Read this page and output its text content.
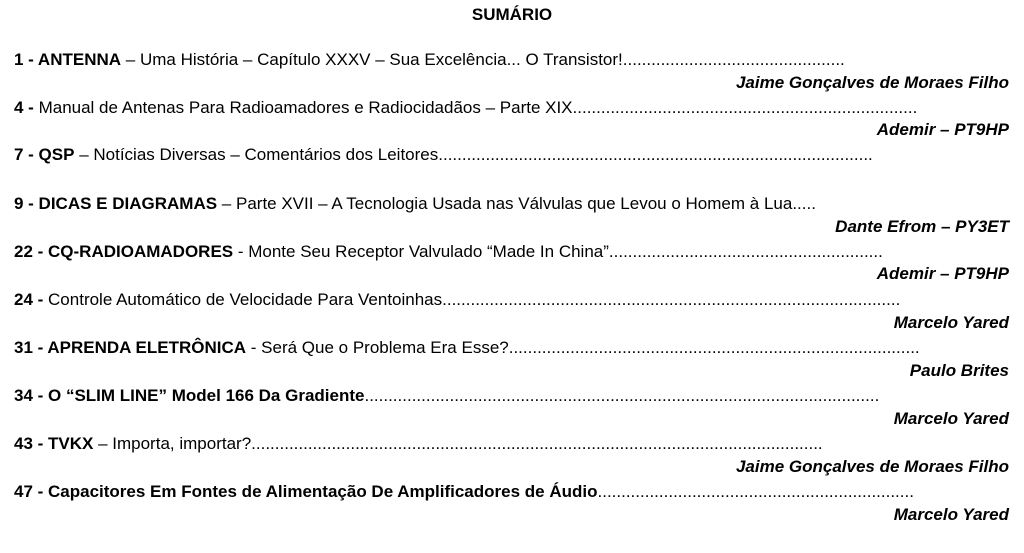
SUMÁRIO
1 - ANTENNA – Uma História – Capítulo XXXV – Sua Excelência... O Transistor!...............................................
Jaime Gonçalves de Moraes Filho
4 - Manual de Antenas Para Radioamadores e Radiocidadãos – Parte XIX.........................................................................
Ademir – PT9HP
7 - QSP – Notícias Diversas – Comentários dos Leitores............................................................................................
9 - DICAS E DIAGRAMAS – Parte XVII – A Tecnologia Usada nas Válvulas que Levou o Homem à Lua.....
Dante Efrom – PY3ET
22 - CQ-RADIOAMADORES - Monte Seu Receptor Valvulado “Made In China”..........................................................
Ademir – PT9HP
24 - Controle Automático de Velocidade Para Ventoinhas.................................................................................................
Marcelo Yared
31 - APRENDA ELETRÔNICA - Será Que o Problema Era Esse?.......................................................................................
Paulo Brites
34 - O “SLIM LINE” Model 166 Da Gradiente.............................................................................................................
Marcelo Yared
43 - TVKX – Importa, importar?.........................................................................................................................
Jaime Gonçalves de Moraes Filho
47 - Capacitores Em Fontes de Alimentação De Amplificadores de Áudio...................................................................
Marcelo Yared
